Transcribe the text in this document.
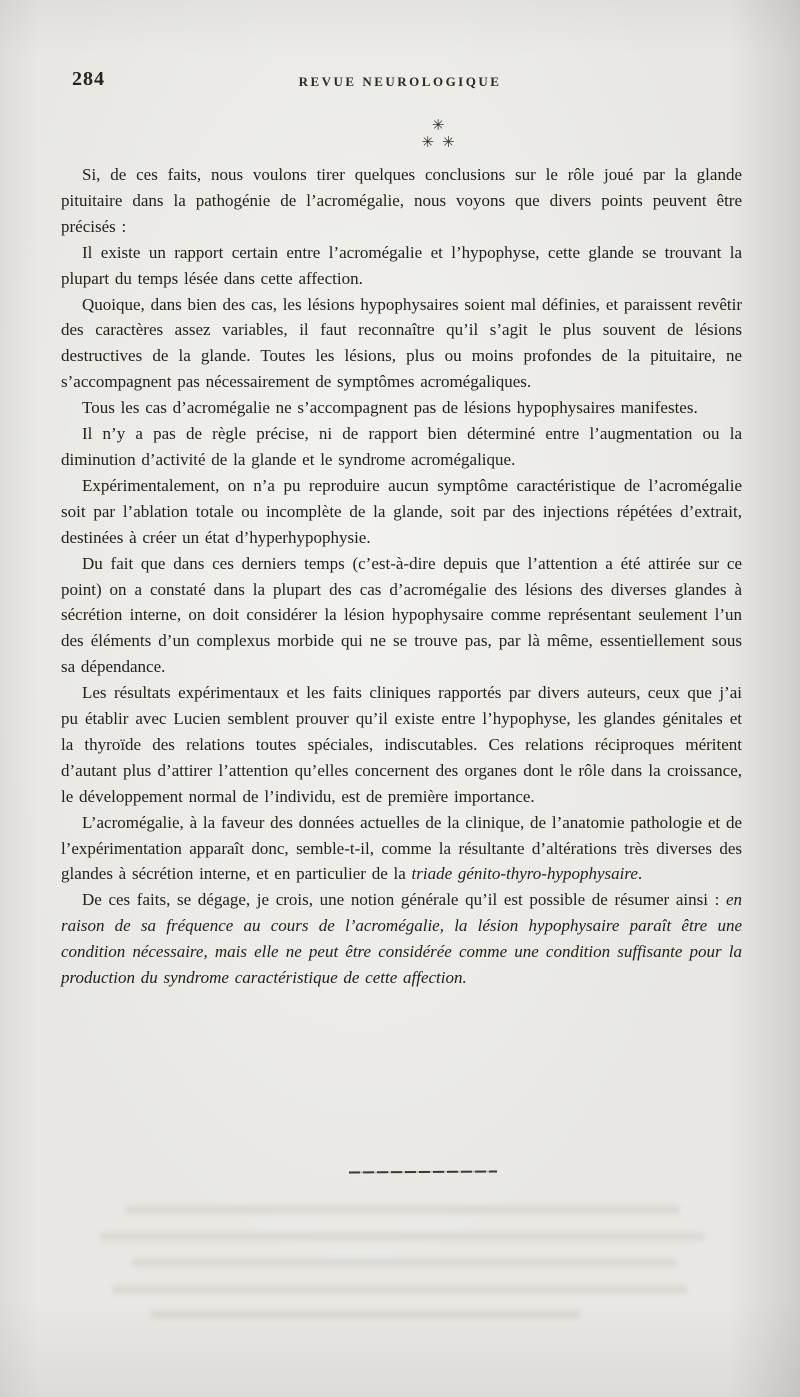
284	REVUE NEUROLOGIQUE
✳
✳✳

Si, de ces faits, nous voulons tirer quelques conclusions sur le rôle joué par la glande pituitaire dans la pathogénie de l’acromégalie, nous voyons que divers points peuvent être précisés :

Il existe un rapport certain entre l’acromégalie et l’hypophyse, cette glande se trouvant la plupart du temps lésée dans cette affection.

Quoique, dans bien des cas, les lésions hypophysaires soient mal définies, et paraissent revêtir des caractères assez variables, il faut reconnaître qu’il s’agit le plus souvent de lésions destructives de la glande. Toutes les lésions, plus ou moins profondes de la pituitaire, ne s’accompagnent pas nécessairement de symptômes acromégaliques.

Tous les cas d’acromégalie ne s’accompagnent pas de lésions hypophysaires manifestes.

Il n’y a pas de règle précise, ni de rapport bien déterminé entre l’augmentation ou la diminution d’activité de la glande et le syndrome acromégalique.

Expérimentalement, on n’a pu reproduire aucun symptôme caractéristique de l’acromégalie soit par l’ablation totale ou incomplète de la glande, soit par des injections répétées d’extrait, destinées à créer un état d’hyperhypophysie.

Du fait que dans ces derniers temps (c’est-à-dire depuis que l’attention a été attirée sur ce point) on a constaté dans la plupart des cas d’acromégalie des lésions des diverses glandes à sécrétion interne, on doit considérer la lésion hypophysaire comme représentant seulement l’un des éléments d’un complexus morbide qui ne se trouve pas, par là même, essentiellement sous sa dépendance.

Les résultats expérimentaux et les faits cliniques rapportés par divers auteurs, ceux que j’ai pu établir avec Lucien semblent prouver qu’il existe entre l’hypophyse, les glandes génitales et la thyroïde des relations toutes spéciales, indiscutables. Ces relations réciproques méritent d’autant plus d’attirer l’attention qu’elles concernent des organes dont le rôle dans la croissance, le développement normal de l’individu, est de première importance.

L’acromégalie, à la faveur des données actuelles de la clinique, de l’anatomie pathologie et de l’expérimentation apparaît donc, semble-t-il, comme la résultante d’altérations très diverses des glandes à sécrétion interne, et en particulier de la triade génito-thyro-hypophysaire.

De ces faits, se dégage, je crois, une notion générale qu’il est possible de résumer ainsi : en raison de sa fréquence au cours de l’acromégalie, la lésion hypophysaire paraît être une condition nécessaire, mais elle ne peut être considérée comme une condition suffisante pour la production du syndrome caractéristique de cette affection.
